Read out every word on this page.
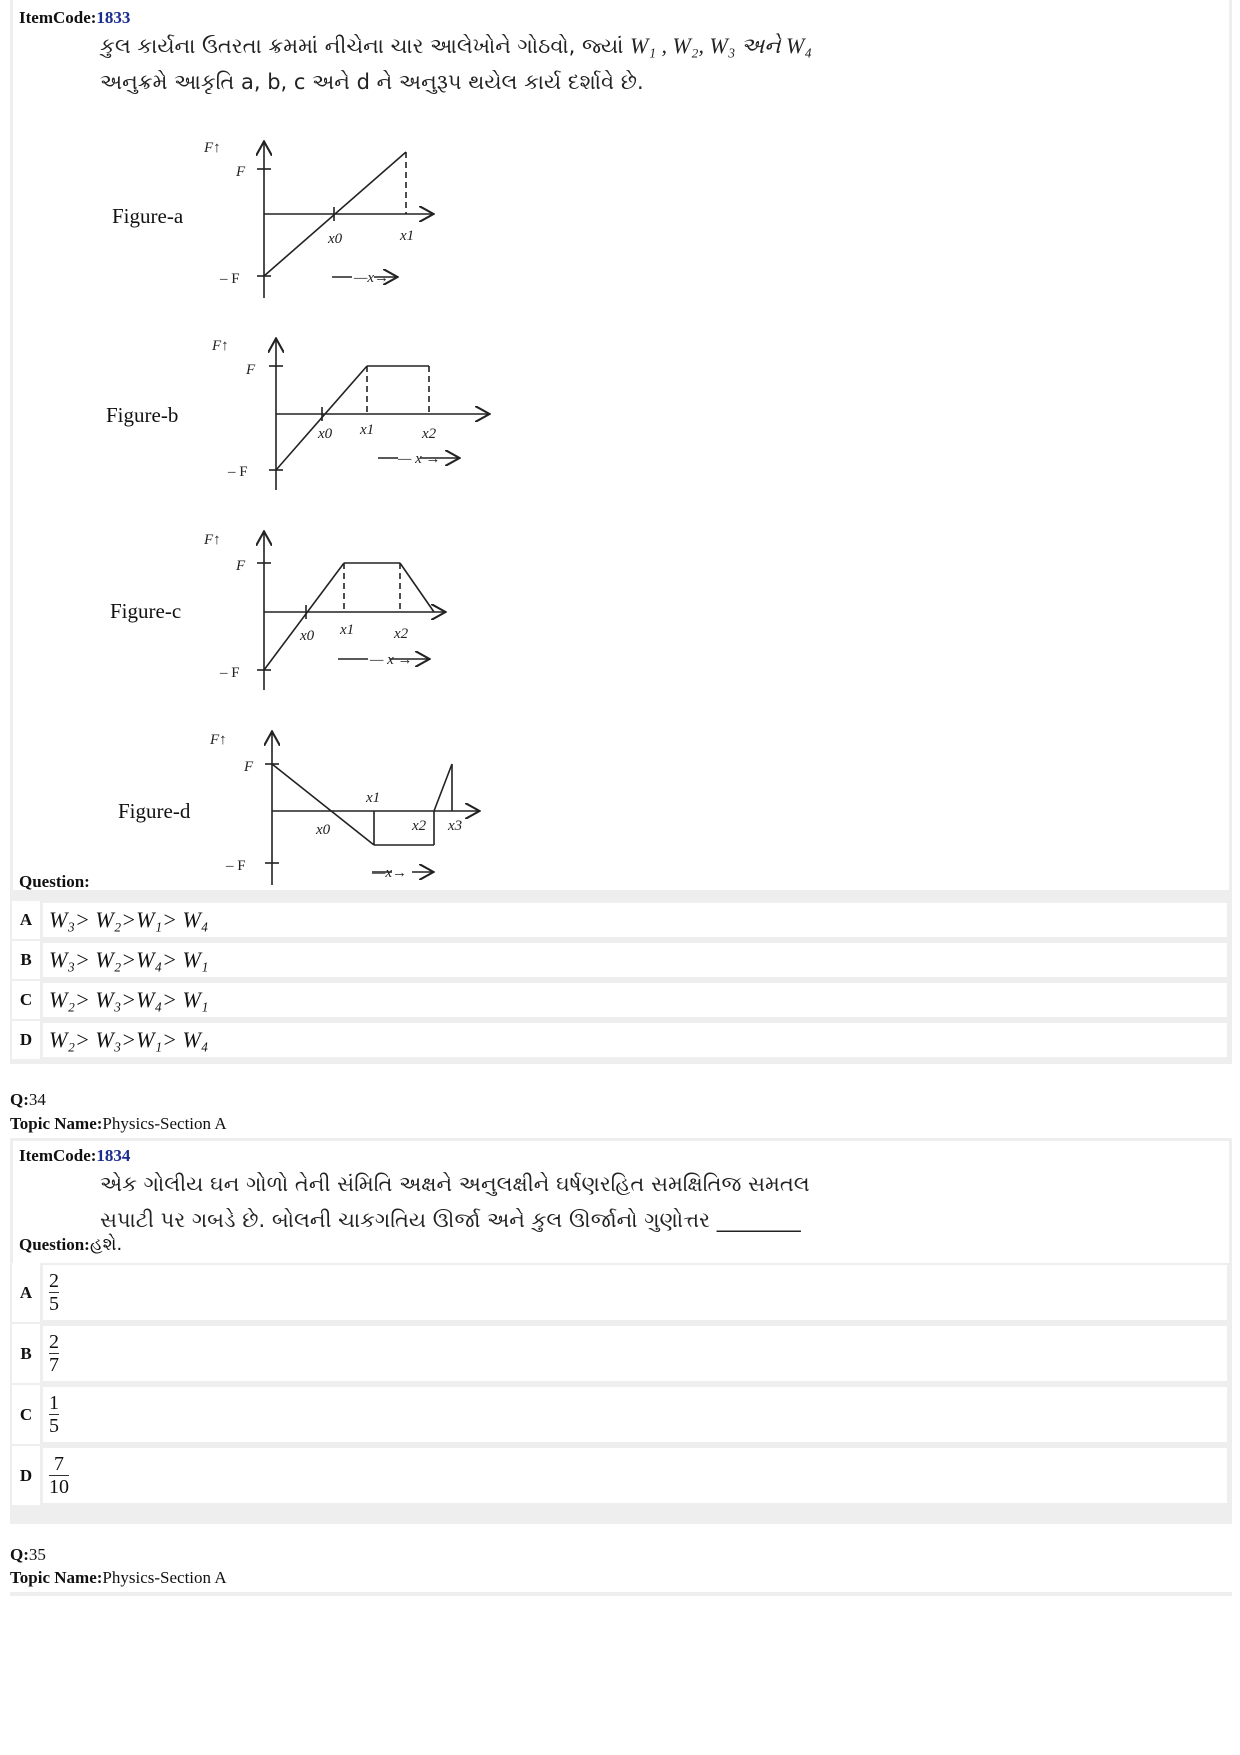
ItemCode:1833
કુલ કાર્યના ઉતરતા ક્રમમાં નીચેના ચાર આલેખોને ગોઠવો, જ્યાં W₁ , W₂, W₃ અને W₄
અનુક્રમે આકૃતિ a, b, c અને d ને અનુરૂપ થયેલ કાર્ય દર્શાવે છે.
Figure-a
Figure-b
Figure-c
Figure-d
F↑
F
– F
x0	x1
—x→
F↑
F
– F
x0 x1	x2
— x →
F↑
F
– F
x0 x1	x2
— x →
F↑
F
– F
x0
x1
x2 x3
—x→
Question:
A W₃> W₂>W₁> W₄
B W₃> W₂>W₄> W₁
C W₂> W₃>W₄> W₁
D W₂> W₃>W₁> W₄
Q:34
Topic Name:Physics-Section A
ItemCode:1834
એક ગોલીય ઘન ગોળો તેની સંમિતિ અક્ષને અનુલક્ષીને ઘર્ષણરહિત સમક્ષિતિજ સમતલ
સપાટી પર ગબડે છે. બોલની ચાકગતિય ઊર્જા અને કુલ ઊર્જાનો ગુણોત્તર ________
Question:હશે.
A $\frac{2}{5}$
B $\frac{2}{7}$
C $\frac{1}{5}$
D $\frac{7}{10}$
Q:35
Topic Name:Physics-Section A
